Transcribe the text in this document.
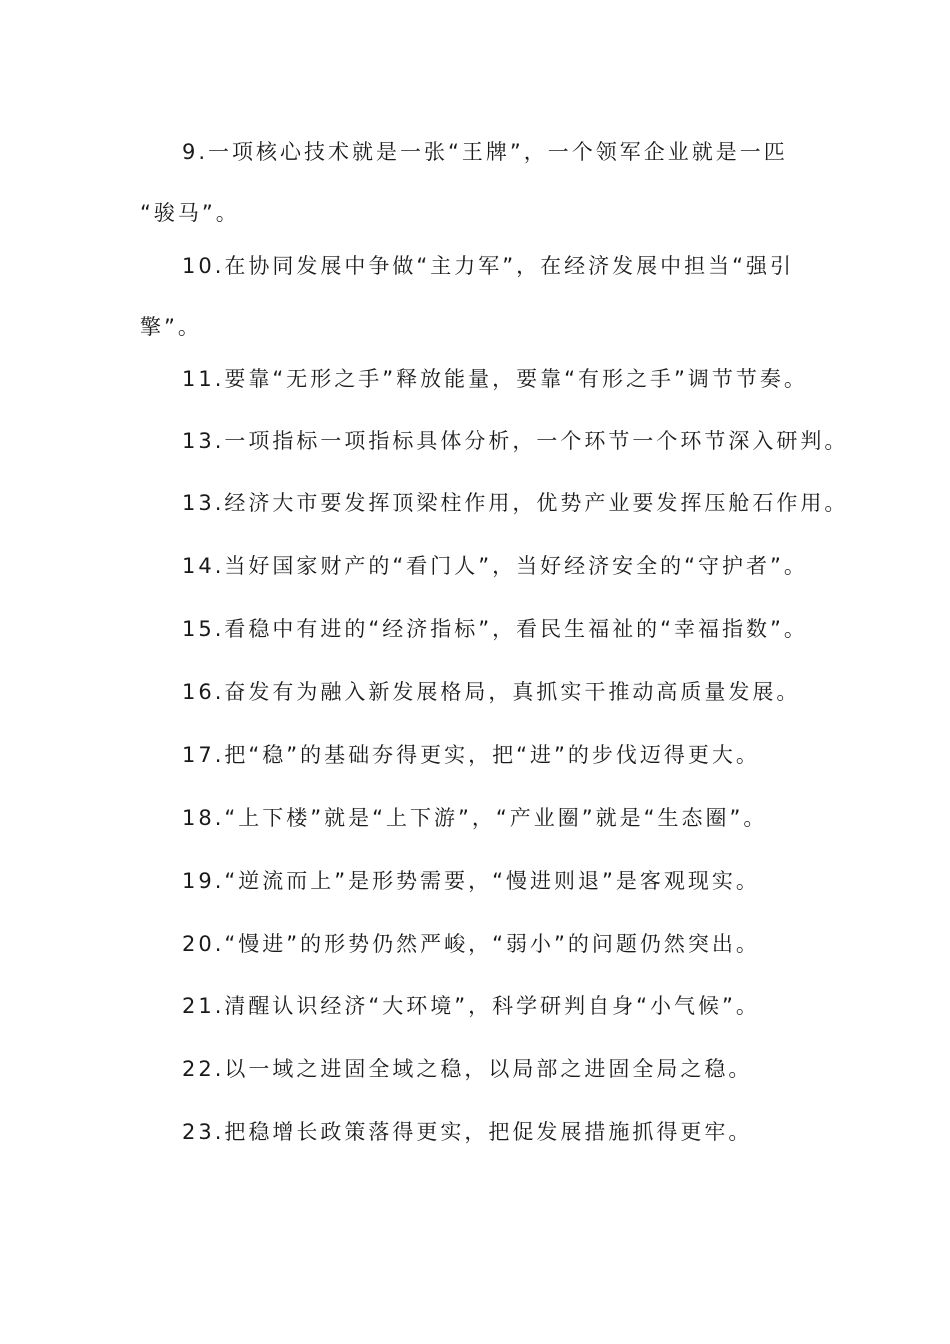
9.一项核心技术就是一张“王牌”，一个领军企业就是一匹
“骏马”。
10.在协同发展中争做“主力军”，在经济发展中担当“强引
擎”。
11.要靠“无形之手”释放能量，要靠“有形之手”调节节奏。
13.一项指标一项指标具体分析，一个环节一个环节深入研判。
13.经济大市要发挥顶梁柱作用，优势产业要发挥压舱石作用。
14.当好国家财产的“看门人”，当好经济安全的“守护者”。
15.看稳中有进的“经济指标”，看民生福祉的“幸福指数”。
16.奋发有为融入新发展格局，真抓实干推动高质量发展。
17.把“稳”的基础夯得更实，把“进”的步伐迈得更大。
18.“上下楼”就是“上下游”，“产业圈”就是“生态圈”。
19.“逆流而上”是形势需要，“慢进则退”是客观现实。
20.“慢进”的形势仍然严峻，“弱小”的问题仍然突出。
21.清醒认识经济“大环境”，科学研判自身“小气候”。
22.以一域之进固全域之稳，以局部之进固全局之稳。
23.把稳增长政策落得更实，把促发展措施抓得更牢。
